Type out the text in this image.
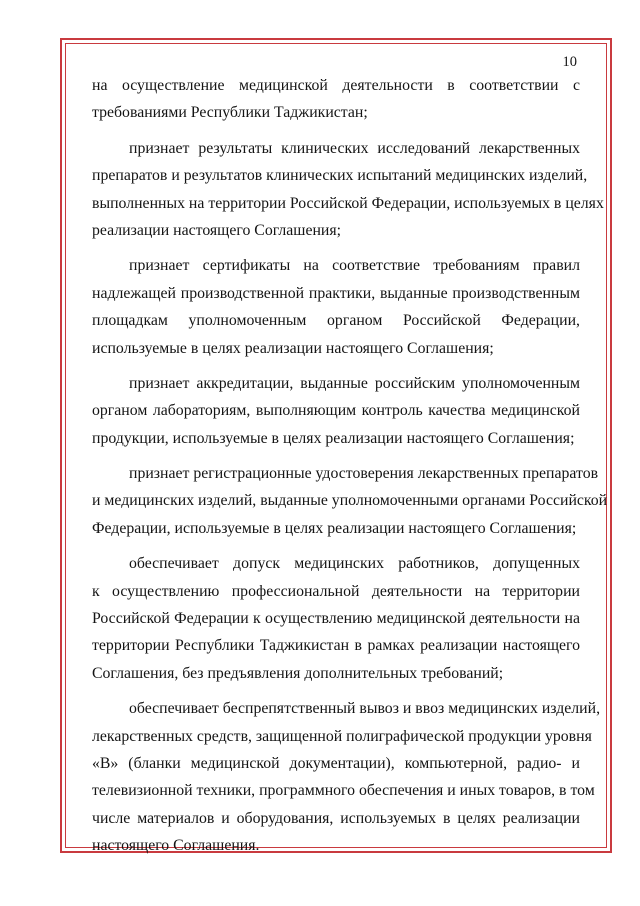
10
на осуществление медицинской деятельности в соответствии с
требованиями Республики Таджикистан;
признает результаты клинических исследований лекарственных
препаратов и результатов клинических испытаний медицинских изделий,
выполненных на территории Российской Федерации, используемых в целях
реализации настоящего Соглашения;
признает сертификаты на соответствие требованиям правил
надлежащей производственной практики, выданные производственным
площадкам уполномоченным органом Российской Федерации,
используемые в целях реализации настоящего Соглашения;
признает аккредитации, выданные российским уполномоченным
органом лабораториям, выполняющим контроль качества медицинской
продукции, используемые в целях реализации настоящего Соглашения;
признает регистрационные удостоверения лекарственных препаратов
и медицинских изделий, выданные уполномоченными органами Российской
Федерации, используемые в целях реализации настоящего Соглашения;
обеспечивает допуск медицинских работников, допущенных
к осуществлению профессиональной деятельности на территории
Российской Федерации к осуществлению медицинской деятельности на
территории Республики Таджикистан в рамках реализации настоящего
Соглашения, без предъявления дополнительных требований;
обеспечивает беспрепятственный вывоз и ввоз медицинских изделий,
лекарственных средств, защищенной полиграфической продукции уровня
«В» (бланки медицинской документации), компьютерной, радио- и
телевизионной техники, программного обеспечения и иных товаров, в том
числе материалов и оборудования, используемых в целях реализации
настоящего Соглашения.
